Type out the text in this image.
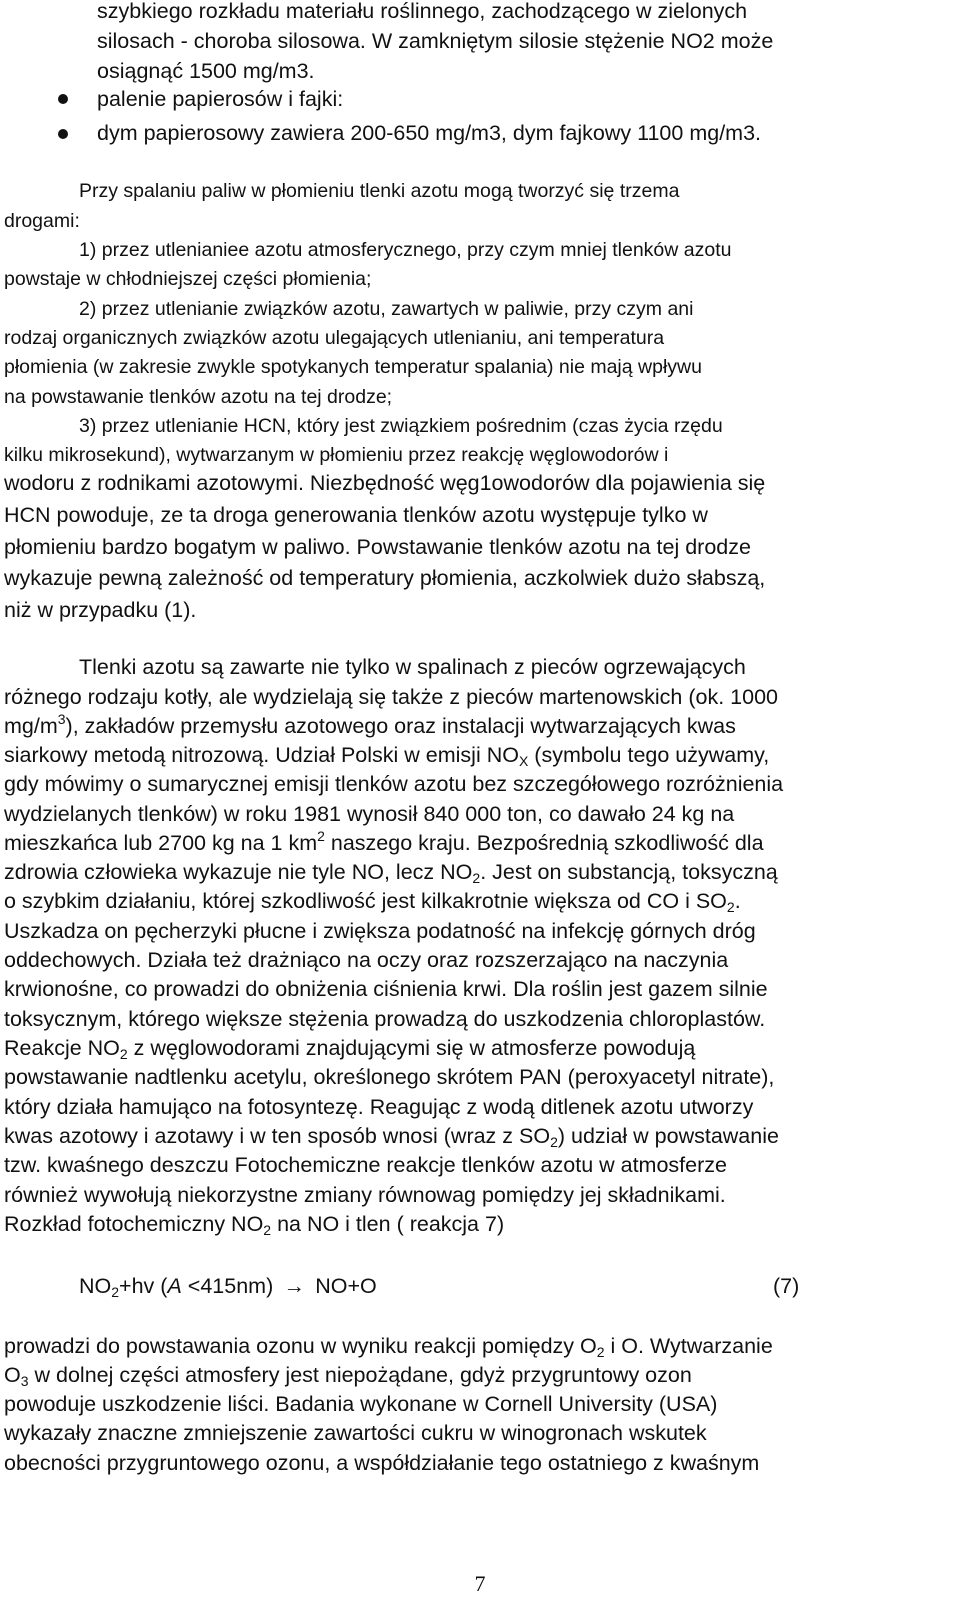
szybkiego rozkładu materiału roślinnego, zachodzącego w zielonych
silosach - choroba silosowa. W zamkniętym silosie stężenie NO2 może
osiągnąć 1500 mg/m3.
palenie papierosów i fajki:
dym papierosowy zawiera 200-650 mg/m3, dym fajkowy 1100 mg/m3.
Przy spalaniu paliw w płomieniu tlenki azotu mogą tworzyć się trzema
drogami:
1) przez utlenianiee azotu atmosferycznego, przy czym mniej tlenków azotu
powstaje w chłodniejszej części płomienia;
2) przez utlenianie związków azotu, zawartych w paliwie, przy czym ani
rodzaj organicznych związków azotu ulegających utlenianiu, ani temperatura
płomienia (w zakresie zwykle spotykanych temperatur spalania) nie mają wpływu
na powstawanie tlenków azotu na tej drodze;
3) przez utlenianie HCN, który jest związkiem pośrednim (czas życia rzędu
kilku mikrosekund), wytwarzanym w płomieniu przez reakcję węglowodorów i
wodoru z rodnikami azotowymi. Niezbędność węg1owodorów dla pojawienia się
HCN powoduje, ze ta droga generowania tlenków azotu występuje tylko w
płomieniu bardzo bogatym w paliwo. Powstawanie tlenków azotu na tej drodze
wykazuje pewną zależność od temperatury płomienia, aczkolwiek dużo słabszą,
niż w przypadku (1).
Tlenki azotu są zawarte nie tylko w spalinach z pieców ogrzewających
różnego rodzaju kotły, ale wydzielają się także z pieców martenowskich (ok. 1000
$mg/m^3$), zakładów przemysłu azotowego oraz instalacji wytwarzających kwas
siarkowy metodą nitrozową. Udział Polski w emisji $NO_X$ (symbolu tego używamy,
gdy mówimy o sumarycznej emisji tlenków azotu bez szczegółowego rozróżnienia
wydzielanych tlenków) w roku 1981 wynosił 840 000 ton, co dawało 24 kg na
mieszkańca lub 2700 kg na 1 $km^2$ naszego kraju. Bezpośrednią szkodliwość dla
zdrowia człowieka wykazuje nie tyle NO, lecz $NO_2$. Jest on substancją, toksyczną
o szybkim działaniu, której szkodliwość jest kilkakrotnie większa od CO i $SO_2$.
Uszkadza on pęcherzyki płucne i zwiększa podatność na infekcję górnych dróg
oddechowych. Działa też drażniąco na oczy oraz rozszerzająco na naczynia
krwionośne, co prowadzi do obniżenia ciśnienia krwi. Dla roślin jest gazem silnie
toksycznym, którego większe stężenia prowadzą do uszkodzenia chloroplastów.
Reakcje $NO_2$ z węglowodorami znajdującymi się w atmosferze powodują
powstawanie nadtlenku acetylu, określonego skrótem PAN (peroxyacetyl nitrate),
który działa hamująco na fotosyntezę. Reagując z wodą ditlenek azotu utworzy
kwas azotowy i azotawy i w ten sposób wnosi (wraz z $SO_2$) udział w powstawanie
tzw. kwaśnego deszczu Fotochemiczne reakcje tlenków azotu w atmosferze
również wywołują niekorzystne zmiany równowag pomiędzy jej składnikami.
Rozkład fotochemiczny $NO_2$ na NO i tlen ( reakcja 7)
$NO_2+hv$ (A <415nm) → NO+O	(7)
prowadzi do powstawania ozonu w wyniku reakcji pomiędzy $O_2$ i O. Wytwarzanie
$O_3$ w dolnej części atmosfery jest niepożądane, gdyż przygruntowy ozon
powoduje uszkodzenie liści. Badania wykonane w Cornell University (USA)
wykazały znaczne zmniejszenie zawartości cukru w winogronach wskutek
obecności przygruntowego ozonu, a współdziałanie tego ostatniego z kwaśnym
7
